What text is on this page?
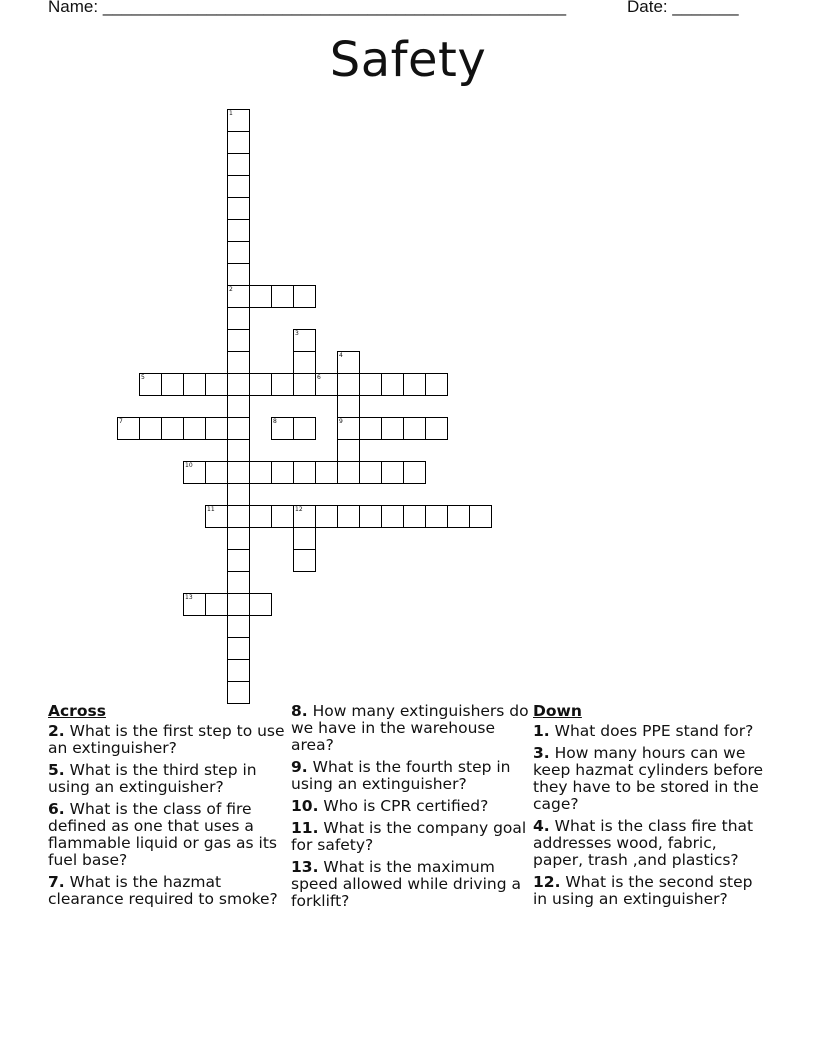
Name: _________________________________________________	Date: _______
Safety
1
2
3
4
9
5	6
7	8
10
11	12
13
Across
2. What is the first step to use an extinguisher?
5. What is the third step in using an extinguisher?
6. What is the class of fire defined as one that uses a flammable liquid or gas as its fuel base?
7. What is the hazmat clearance required to smoke?
8. How many extinguishers do we have in the warehouse area?
9. What is the fourth step in using an extinguisher?
10. Who is CPR certified?
11. What is the company goal for safety?
13. What is the maximum speed allowed while driving a forklift?
Down
1. What does PPE stand for?
3. How many hours can we keep hazmat cylinders before they have to be stored in the cage?
4. What is the class fire that addresses wood, fabric, paper, trash ,and plastics?
12. What is the second step in using an extinguisher?
